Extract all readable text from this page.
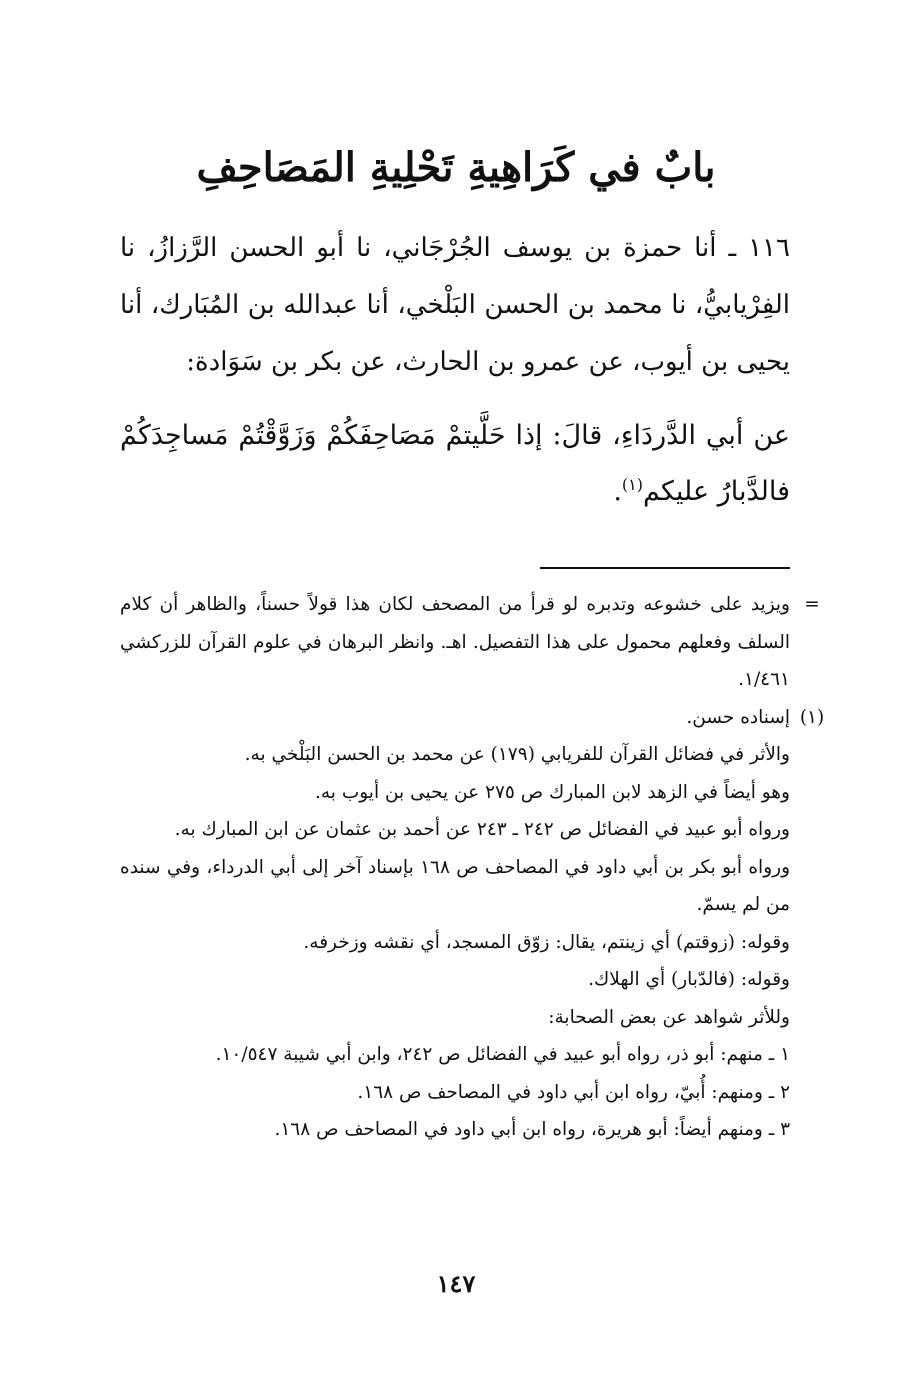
بابٌ في كَرَاهِيةِ تَحْلِيةِ المَصَاحِفِ

١١٦ ـ أنا حمزة بن يوسف الجُرْجَاني، نا أبو الحسن الرَّزازُ، نا الفِرْيابيُّ، نا محمد بن الحسن البَلْخي، أنا عبدالله بن المُبَارك، أنا يحيى بن أيوب، عن عمرو بن الحارث، عن بكر بن سَوَادة:

عن أبي الدَّردَاءِ، قالَ: إذا حَلَّيتمْ مَصَاحِفَكُمْ وَزَوَّقْتُمْ مَساجِدَكُمْ فالدَّبارُ عليكم$^{(١)}$.

=

ويزيد على خشوعه وتدبره لو قرأ من المصحف لكان هذا قولاً حسناً، والظاهر أن كلام السلف وفعلهم محمول على هذا التفصيل. اهـ. وانظر البرهان في علوم القرآن للزركشي ١/٤٦١.

(١)

إسناده حسن.

والأثر في فضائل القرآن للفريابي (١٧٩) عن محمد بن الحسن البَلْخي به.

وهو أيضاً في الزهد لابن المبارك ص ٢٧٥ عن يحيى بن أيوب به.

ورواه أبو عبيد في الفضائل ص ٢٤٢ ـ ٢٤٣ عن أحمد بن عثمان عن ابن المبارك به.

ورواه أبو بكر بن أبي داود في المصاحف ص ١٦٨ بإسناد آخر إلى أبي الدرداء، وفي سنده من لم يسمّ.

وقوله: (زوقتم) أي زينتم، يقال: زوّق المسجد، أي نقشه وزخرفه.

وقوله: (فالدّبار) أي الهلاك.

وللأثر شواهد عن بعض الصحابة:

١ ـ منهم: أبو ذر، رواه أبو عبيد في الفضائل ص ٢٤٢، وابن أبي شيبة ١٠/٥٤٧.

٢ ـ ومنهم: أُبيّ، رواه ابن أبي داود في المصاحف ص ١٦٨.

٣ ـ ومنهم أيضاً: أبو هريرة، رواه ابن أبي داود في المصاحف ص ١٦٨.

١٤٧
